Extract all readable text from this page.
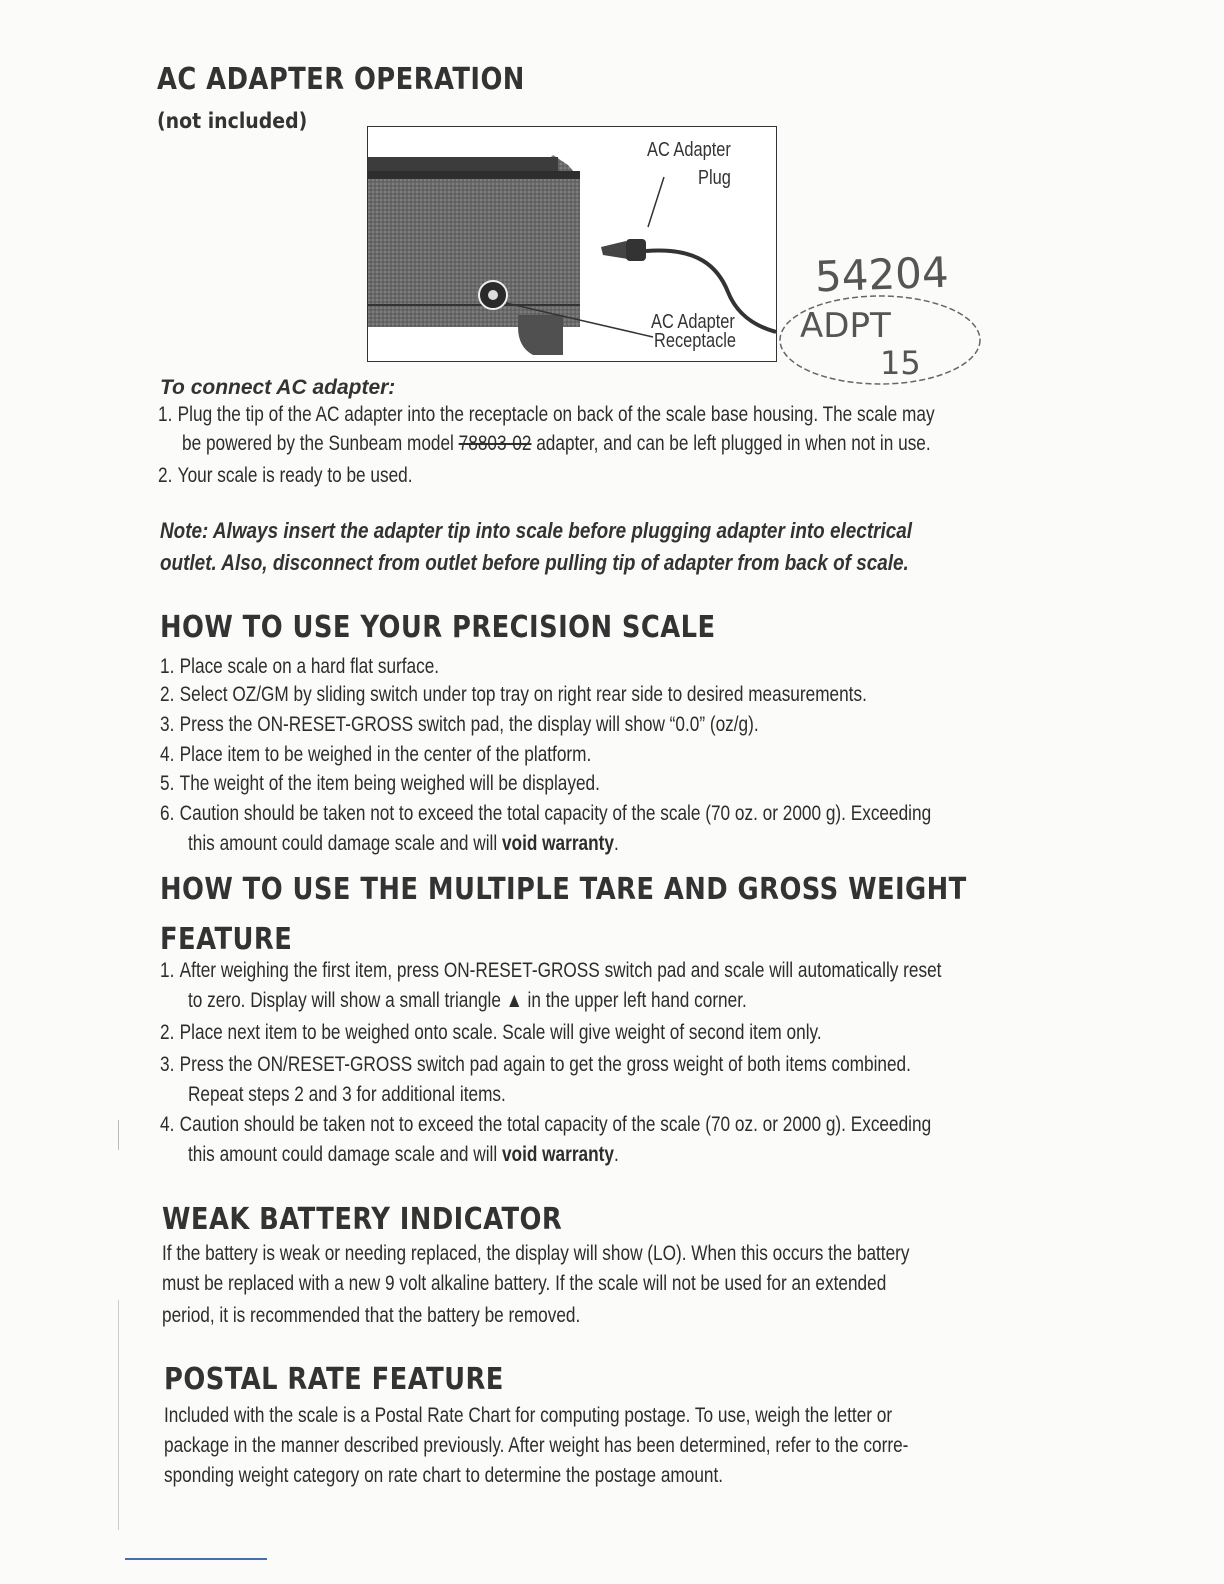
AC ADAPTER OPERATION

(not included)

AC Adapter
Plug
AC Adapter
Receptacle
54204
ADPT
15

To connect AC adapter:

1. Plug the tip of the AC adapter into the receptacle on back of the scale base housing. The scale may

be powered by the Sunbeam model 78803-02 adapter, and can be left plugged in when not in use.

2. Your scale is ready to be used.

Note: Always insert the adapter tip into scale before plugging adapter into electrical

outlet. Also, disconnect from outlet before pulling tip of adapter from back of scale.

HOW TO USE YOUR PRECISION SCALE

1. Place scale on a hard flat surface.

2. Select OZ/GM by sliding switch under top tray on right rear side to desired measurements.

3. Press the ON-RESET-GROSS switch pad, the display will show “0.0” (oz/g).

4. Place item to be weighed in the center of the platform.

5. The weight of the item being weighed will be displayed.

6. Caution should be taken not to exceed the total capacity of the scale (70 oz. or 2000 g). Exceeding

this amount could damage scale and will void warranty.

HOW TO USE THE MULTIPLE TARE AND GROSS WEIGHT
FEATURE

1. After weighing the first item, press ON-RESET-GROSS switch pad and scale will automatically reset

to zero. Display will show a small triangle ▲ in the upper left hand corner.

2. Place next item to be weighed onto scale. Scale will give weight of second item only.

3. Press the ON/RESET-GROSS switch pad again to get the gross weight of both items combined.

Repeat steps 2 and 3 for additional items.

4. Caution should be taken not to exceed the total capacity of the scale (70 oz. or 2000 g). Exceeding

this amount could damage scale and will void warranty.

WEAK BATTERY INDICATOR

If the battery is weak or needing replaced, the display will show (LO). When this occurs the battery

must be replaced with a new 9 volt alkaline battery. If the scale will not be used for an extended

period, it is recommended that the battery be removed.

POSTAL RATE FEATURE

Included with the scale is a Postal Rate Chart for computing postage. To use, weigh the letter or

package in the manner described previously. After weight has been determined, refer to the corre-

sponding weight category on rate chart to determine the postage amount.
